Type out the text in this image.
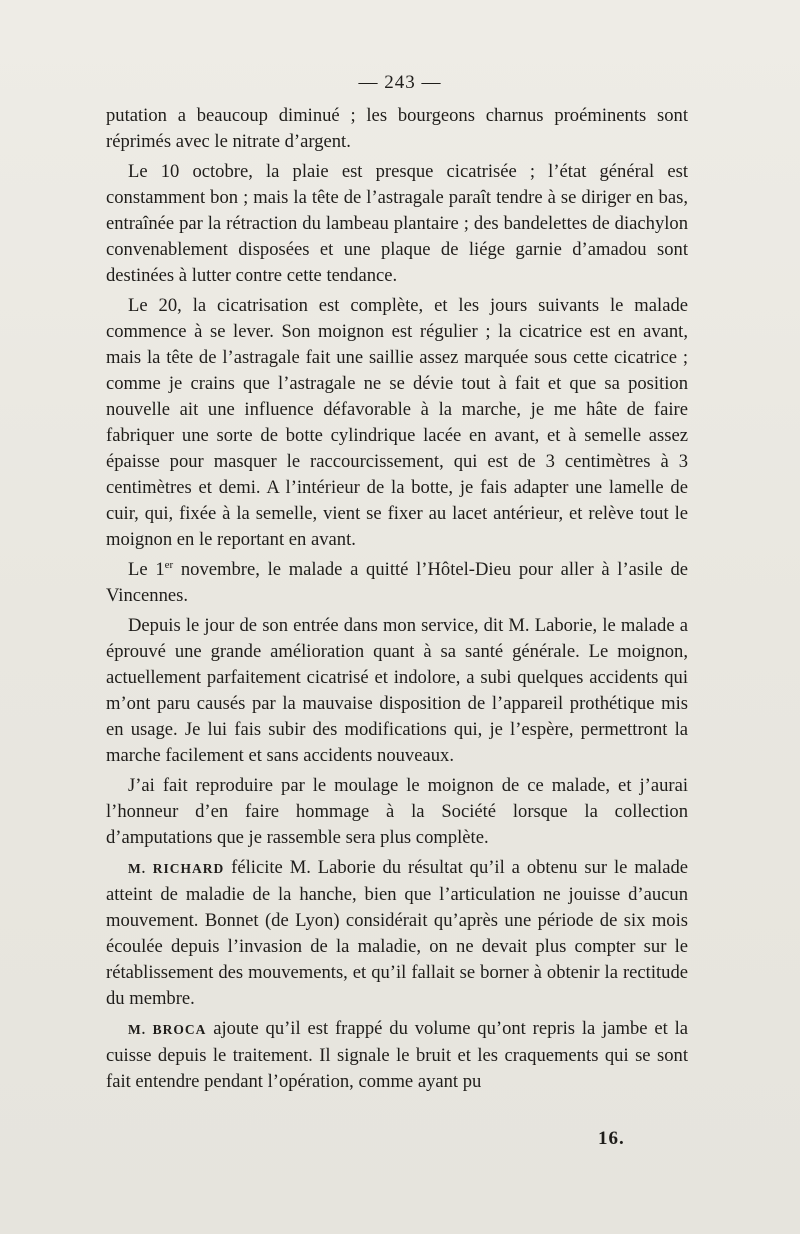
— 243 —

putation a beaucoup diminué ; les bourgeons charnus proéminents sont réprimés avec le nitrate d’argent.

Le 10 octobre, la plaie est presque cicatrisée ; l’état général est constamment bon ; mais la tête de l’astragale paraît tendre à se diriger en bas, entraînée par la rétraction du lambeau plantaire ; des bandelettes de diachylon convenablement disposées et une plaque de liége garnie d’amadou sont destinées à lutter contre cette tendance.

Le 20, la cicatrisation est complète, et les jours suivants le malade commence à se lever. Son moignon est régulier ; la cicatrice est en avant, mais la tête de l’astragale fait une saillie assez marquée sous cette cicatrice ; comme je crains que l’astragale ne se dévie tout à fait et que sa position nouvelle ait une influence défavorable à la marche, je me hâte de faire fabriquer une sorte de botte cylindrique lacée en avant, et à semelle assez épaisse pour masquer le raccourcissement, qui est de 3 centimètres à 3 centimètres et demi. A l’intérieur de la botte, je fais adapter une lamelle de cuir, qui, fixée à la semelle, vient se fixer au lacet antérieur, et relève tout le moignon en le reportant en avant.

Le 1er novembre, le malade a quitté l’Hôtel-Dieu pour aller à l’asile de Vincennes.

Depuis le jour de son entrée dans mon service, dit M. Laborie, le malade a éprouvé une grande amélioration quant à sa santé générale. Le moignon, actuellement parfaitement cicatrisé et indolore, a subi quelques accidents qui m’ont paru causés par la mauvaise disposition de l’appareil prothétique mis en usage. Je lui fais subir des modifications qui, je l’espère, permettront la marche facilement et sans accidents nouveaux.

J’ai fait reproduire par le moulage le moignon de ce malade, et j’aurai l’honneur d’en faire hommage à la Société lorsque la collection d’amputations que je rassemble sera plus complète.

M. RICHARD félicite M. Laborie du résultat qu’il a obtenu sur le malade atteint de maladie de la hanche, bien que l’articulation ne jouisse d’aucun mouvement. Bonnet (de Lyon) considérait qu’après une période de six mois écoulée depuis l’invasion de la maladie, on ne devait plus compter sur le rétablissement des mouvements, et qu’il fallait se borner à obtenir la rectitude du membre.

M. BROCA ajoute qu’il est frappé du volume qu’ont repris la jambe et la cuisse depuis le traitement. Il signale le bruit et les craquements qui se sont fait entendre pendant l’opération, comme ayant pu

16.
